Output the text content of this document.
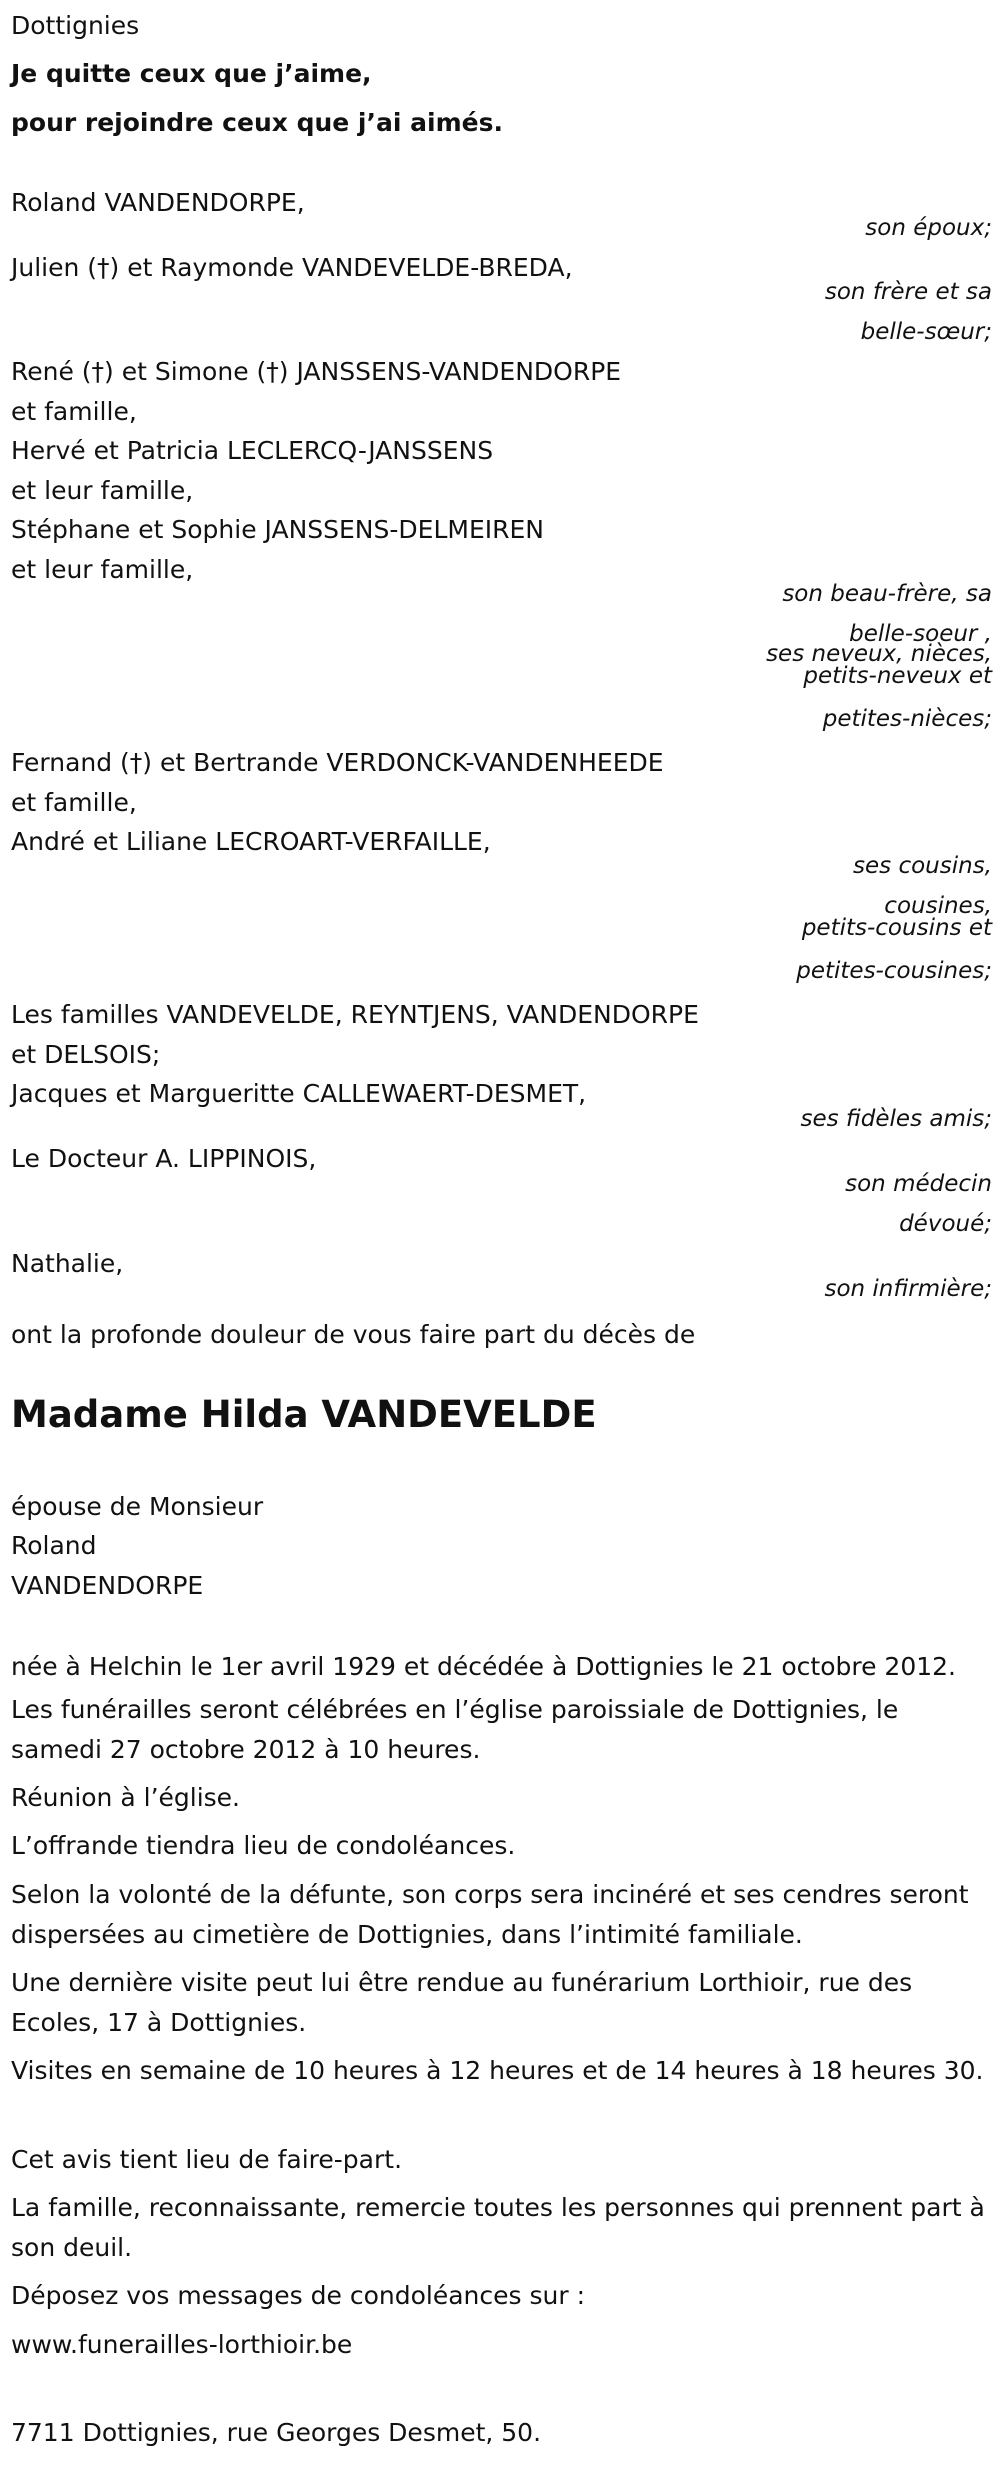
Dottignies

Je quitte ceux que j’aime,

pour rejoindre ceux que j’ai aimés.

Roland VANDENDORPE,

son époux;

Julien (†) et Raymonde VANDEVELDE-BREDA,

son frère et sa

belle-sœur;

René (†) et Simone (†) JANSSENS-VANDENDORPE

et famille,

Hervé et Patricia LECLERCQ-JANSSENS

et leur famille,

Stéphane et Sophie JANSSENS-DELMEIREN

et leur famille,

son beau-frère, sa

belle-soeur ,

ses neveux, nièces,

petits-neveux et

petites-nièces;

Fernand (†) et Bertrande VERDONCK-VANDENHEEDE

et famille,

André et Liliane LECROART-VERFAILLE,

ses cousins,

cousines,

petits-cousins et

petites-cousines;

Les familles VANDEVELDE, REYNTJENS, VANDENDORPE

et DELSOIS;

Jacques et Margueritte CALLEWAERT-DESMET,

ses fidèles amis;

Le Docteur A. LIPPINOIS,

son médecin

dévoué;

Nathalie,

son infirmière;

ont la profonde douleur de vous faire part du décès de

Madame Hilda VANDEVELDE

épouse de Monsieur

Roland

VANDENDORPE

née à Helchin le 1er avril 1929 et décédée à Dottignies le 21 octobre 2012.

Les funérailles seront célébrées en l’église paroissiale de Dottignies, le samedi 27 octobre 2012 à 10 heures.

Réunion à l’église.

L’offrande tiendra lieu de condoléances.

Selon la volonté de la défunte, son corps sera incinéré et ses cendres seront dispersées au cimetière de Dottignies, dans l’intimité familiale.

Une dernière visite peut lui être rendue au funérarium Lorthioir, rue des Ecoles, 17 à Dottignies.

Visites en semaine de 10 heures à 12 heures et de 14 heures à 18 heures 30.

Cet avis tient lieu de faire-part.

La famille, reconnaissante, remercie toutes les personnes qui prennent part à son deuil.

Déposez vos messages de condoléances sur :

www.funerailles-lorthioir.be

7711 Dottignies, rue Georges Desmet, 50.
